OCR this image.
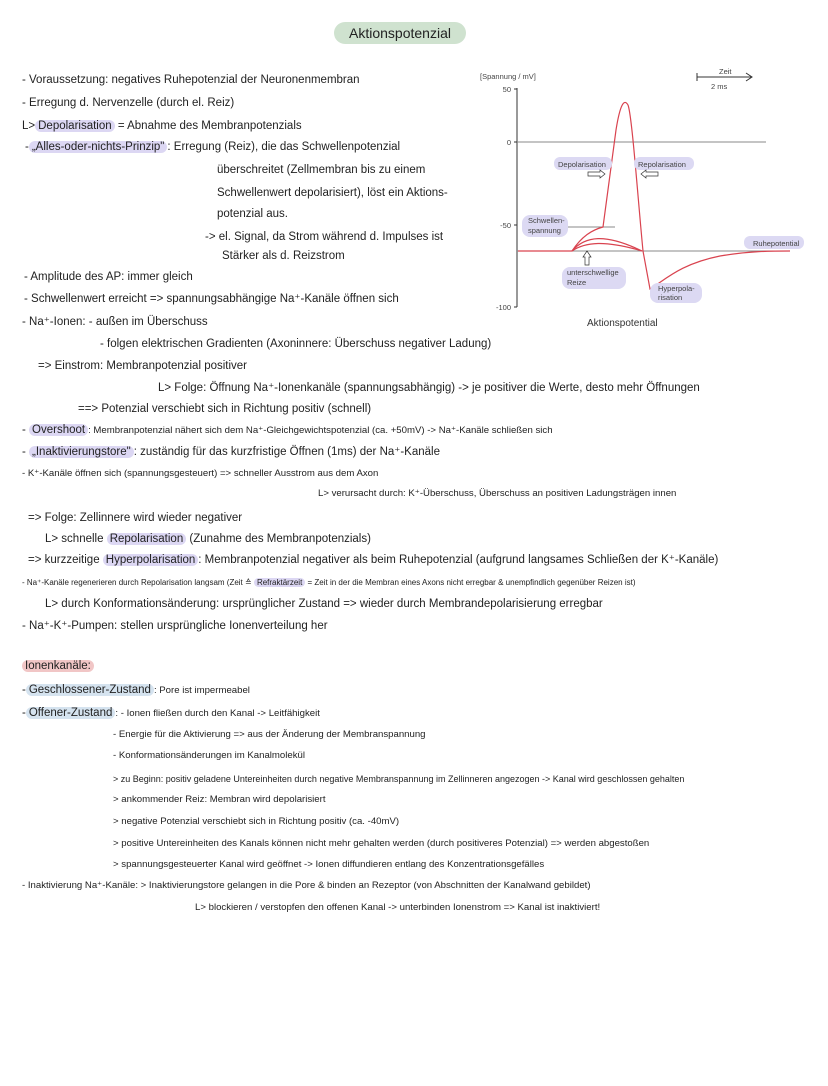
Aktionspotenzial
- Voraussetzung: negatives Ruhepotenzial der Neuronenmembran
- Erregung d. Nervenzelle (durch el. Reiz)
L> Depolarisation = Abnahme des Membranpotenzials
- „Alles-oder-nichts-Prinzip" : Erregung (Reiz), die das Schwellenpotenzial
überschreitet (Zellmembran bis zu einem
Schwellenwert depolarisiert), löst ein Aktions-
potenzial aus.
-> el. Signal, da Strom während d. Impulses ist
Stärker als d. Reizstrom
- Amplitude des AP: immer gleich
- Schwellenwert erreicht => spannungsabhängige Na⁺-Kanäle öffnen sich
- Na⁺-Ionen: - außen im Überschuss
- folgen elektrischen Gradienten (Axoninnere: Überschuss negativer Ladung)
=> Einstrom: Membranpotenzial positiver
L> Folge: Öffnung Na⁺-Ionenkanäle (spannungsabhängig) -> je positiver die Werte, desto mehr Öffnungen
==> Potenzial verschiebt sich in Richtung positiv (schnell)
- Overshoot : Membranpotenzial nähert sich dem Na⁺-Gleichgewichtspotenzial (ca. +50mV) -> Na⁺-Kanäle schließen sich
- „Inaktivierungstore" : zuständig für das kurzfristige Öffnen (1ms) der Na⁺-Kanäle
- K⁺-Kanäle öffnen sich (spannungsgesteuert) => schneller Ausstrom aus dem Axon
L> verursacht durch: K⁺-Überschuss, Überschuss an positiven Ladungsträgen innen
=> Folge: Zellinnere wird wieder negativer
L> schnelle Repolarisation (Zunahme des Membranpotenzials)
=> kurzzeitige Hyperpolarisation : Membranpotenzial negativer als beim Ruhepotenzial (aufgrund langsames Schließen der K⁺-Kanäle)
- Na⁺-Kanäle regenerieren durch Repolarisation langsam (Zeit ≙ Refraktärzeit = Zeit in der die Membran eines Axons nicht erregbar & unempfindlich gegenüber Reizen ist)
L> durch Konformationsänderung: ursprünglicher Zustand => wieder durch Membrandepolarisierung erregbar
- Na⁺-K⁺-Pumpen: stellen ursprüngliche Ionenverteilung her
Ionenkanäle:
- Geschlossener-Zustand : Pore ist impermeabel
- Offener-Zustand : - Ionen fließen durch den Kanal -> Leitfähigkeit
- Energie für die Aktivierung => aus der Änderung der Membranspannung
- Konformationsänderungen im Kanalmolekül
> zu Beginn: positiv geladene Untereinheiten durch negative Membranspannung im Zellinneren angezogen -> Kanal wird geschlossen gehalten
> ankommender Reiz: Membran wird depolarisiert
> negative Potenzial verschiebt sich in Richtung positiv (ca. -40mV)
> positive Untereinheiten des Kanals können nicht mehr gehalten werden (durch positiveres Potenzial) => werden abgestoßen
> spannungsgesteuerter Kanal wird geöffnet -> Ionen diffundieren entlang des Konzentrationsgefälles
- Inaktivierung Na⁺-Kanäle: > Inaktivierungstore gelangen in die Pore & binden an Rezeptor (von Abschnitten der Kanalwand gebildet)
L> blockieren / verstopfen den offenen Kanal -> unterbinden Ionenstrom => Kanal ist inaktiviert!
[Spannung / mV]
50
0
-50
-100
Zeit
2 ms
Depolarisation	Repolarisation
Schwellen-
spannung
Ruhepotential
unterschwellige
Reize
Hyperpola-
risation
Aktionspotential
